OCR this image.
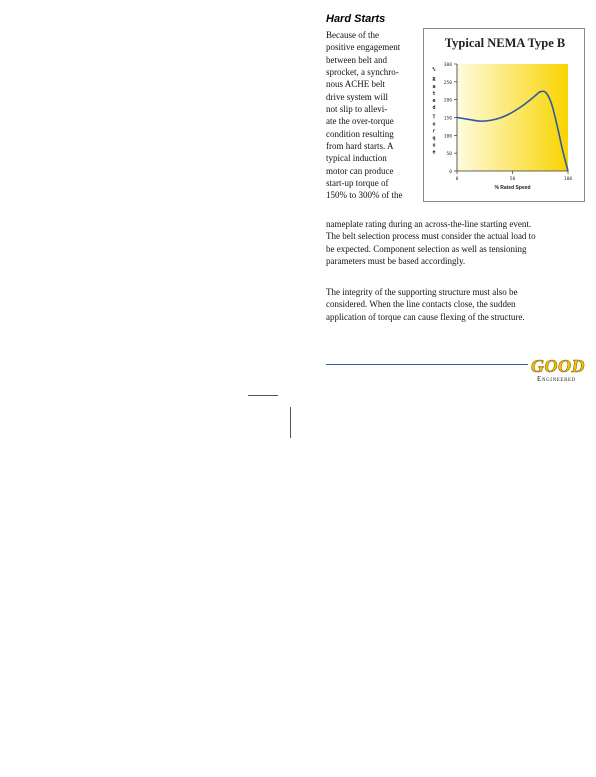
Hard Starts
Because of the
positive engagement
between belt and
sprocket, a synchro-
nous ACHE belt
drive system will
not slip to allevi-
ate the over-torque
condition resulting
from hard starts. A
typical induction
motor can produce
start-up torque of
150% to 300% of the
0
50
100
150
200
250
300
0	50	100
% Rated Speed
% R a t e d T o r q u e
Typical NEMA Type B
nameplate rating during an across-the-line starting event.
The belt selection process must consider the actual load to
be expected. Component selection as well as tensioning
parameters must be based accordingly.
The integrity of the supporting structure must also be
considered. When the line contacts close, the sudden
application of torque can cause flexing of the structure.
GOOD
Engineered
